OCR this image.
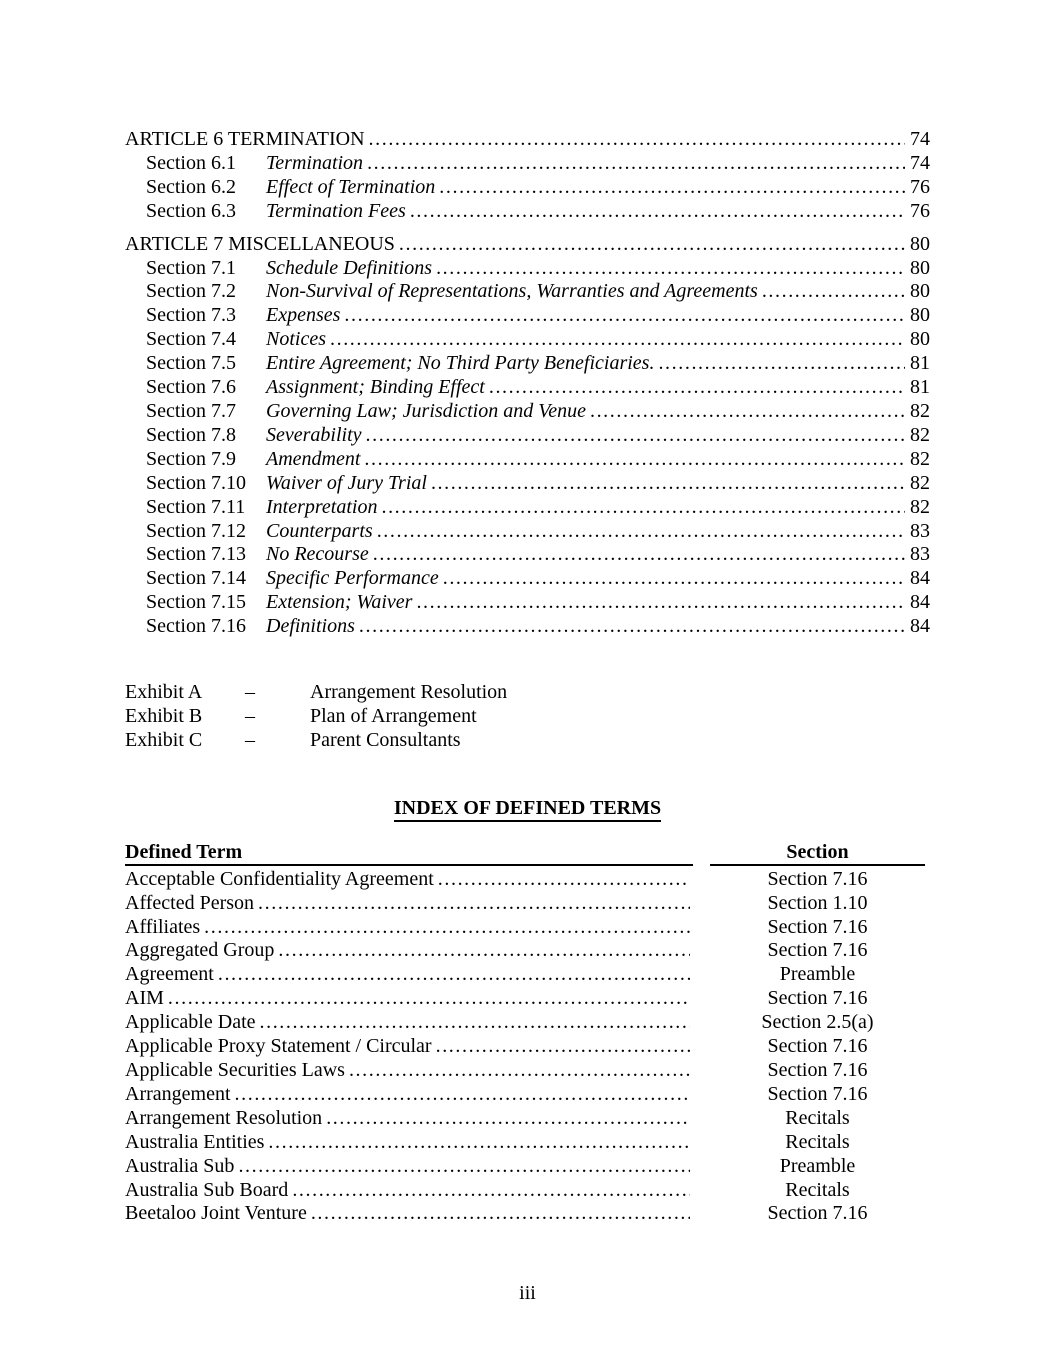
ARTICLE 6 TERMINATION .....	74
Section 6.1	Termination .....	74
Section 6.2	Effect of Termination .....	76
Section 6.3	Termination Fees .....	76
ARTICLE 7 MISCELLANEOUS .....	80
Section 7.1	Schedule Definitions .....	80
Section 7.2	Non-Survival of Representations, Warranties and Agreements .....	80
Section 7.3	Expenses .....	80
Section 7.4	Notices .....	80
Section 7.5	Entire Agreement; No Third Party Beneficiaries. .....	81
Section 7.6	Assignment; Binding Effect .....	81
Section 7.7	Governing Law; Jurisdiction and Venue .....	82
Section 7.8	Severability .....	82
Section 7.9	Amendment .....	82
Section 7.10	Waiver of Jury Trial .....	82
Section 7.11	Interpretation .....	82
Section 7.12	Counterparts .....	83
Section 7.13	No Recourse .....	83
Section 7.14	Specific Performance .....	84
Section 7.15	Extension; Waiver .....	84
Section 7.16	Definitions .....	84
Exhibit A	–	Arrangement Resolution
Exhibit B	–	Plan of Arrangement
Exhibit C	–	Parent Consultants
INDEX OF DEFINED TERMS
Defined Term	Section
Acceptable Confidentiality Agreement .....	Section 7.16
Affected Person .....	Section 1.10
Affiliates .....	Section 7.16
Aggregated Group .....	Section 7.16
Agreement .....	Preamble
AIM .....	Section 7.16
Applicable Date .....	Section 2.5(a)
Applicable Proxy Statement / Circular .....	Section 7.16
Applicable Securities Laws .....	Section 7.16
Arrangement .....	Section 7.16
Arrangement Resolution .....	Recitals
Australia Entities .....	Recitals
Australia Sub .....	Preamble
Australia Sub Board .....	Recitals
Beetaloo Joint Venture .....	Section 7.16
iii
